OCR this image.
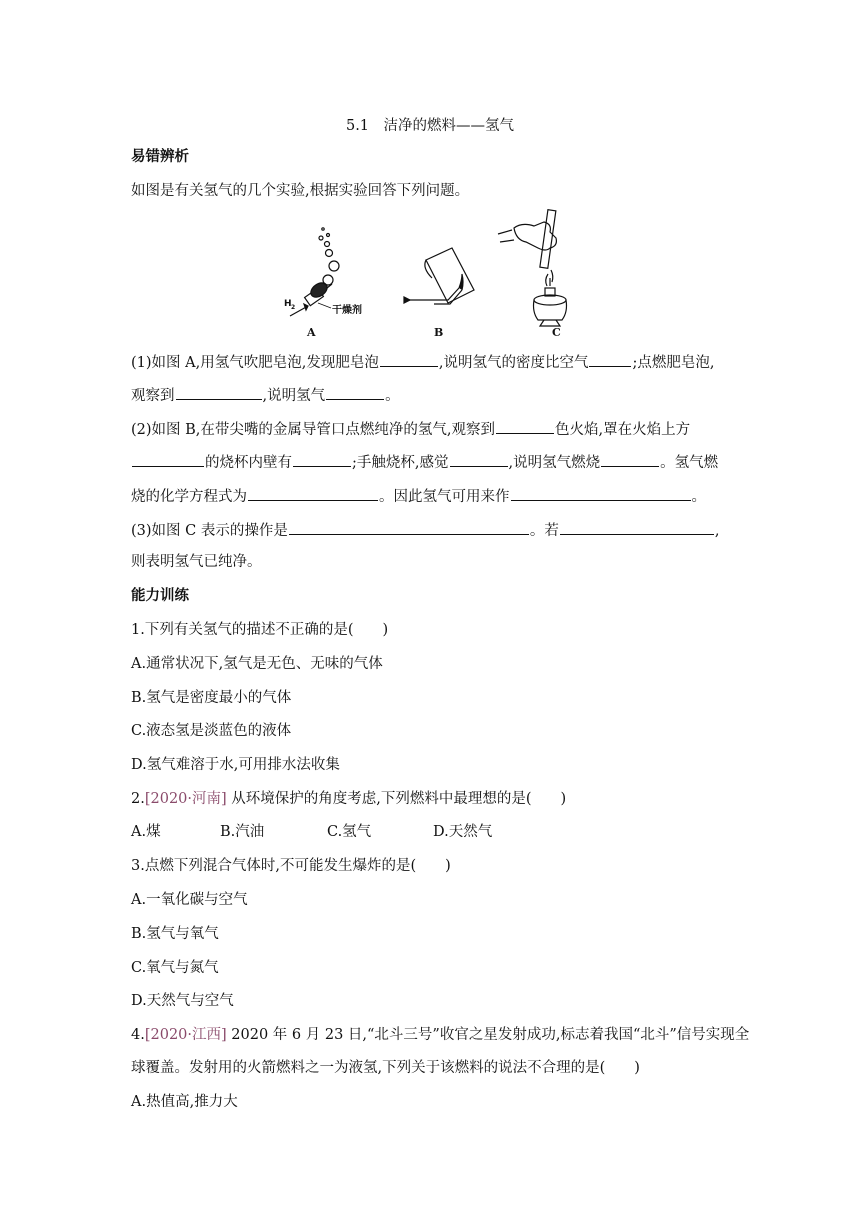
5.1　洁净的燃料——氢气
易错辨析
如图是有关氢气的几个实验,根据实验回答下列问题。
H 2	干燥剂
A	B	C
(1)如图 A,用氢气吹肥皂泡,发现肥皂泡	,说明氢气的密度比空气	;点燃肥皂泡,
观察到	,说明氢气	。
(2)如图 B,在带尖嘴的金属导管口点燃纯净的氢气,观察到	色火焰,罩在火焰上方
的烧杯内壁有	;手触烧杯,感觉	,说明氢气燃烧	。氢气燃
烧的化学方程式为	。因此氢气可用来作	。
(3)如图 C 表示的操作是	。若	,
则表明氢气已纯净。
能力训练
1.下列有关氢气的描述不正确的是(　　)
A.通常状况下,氢气是无色、无味的气体
B.氢气是密度最小的气体
C.液态氢是淡蓝色的液体
D.氢气难溶于水,可用排水法收集
2.[2020·河南] 从环境保护的角度考虑,下列燃料中最理想的是(　　)
A.煤	B.汽油	C.氢气	D.天然气
3.点燃下列混合气体时,不可能发生爆炸的是(　　)
A.一氧化碳与空气
B.氢气与氧气
C.氧气与氮气
D.天然气与空气
4.[2020·江西] 2020 年 6 月 23 日,“北斗三号”收官之星发射成功,标志着我国“北斗”信号实现全
球覆盖。发射用的火箭燃料之一为液氢,下列关于该燃料的说法不合理的是(　　)
A.热值高,推力大
